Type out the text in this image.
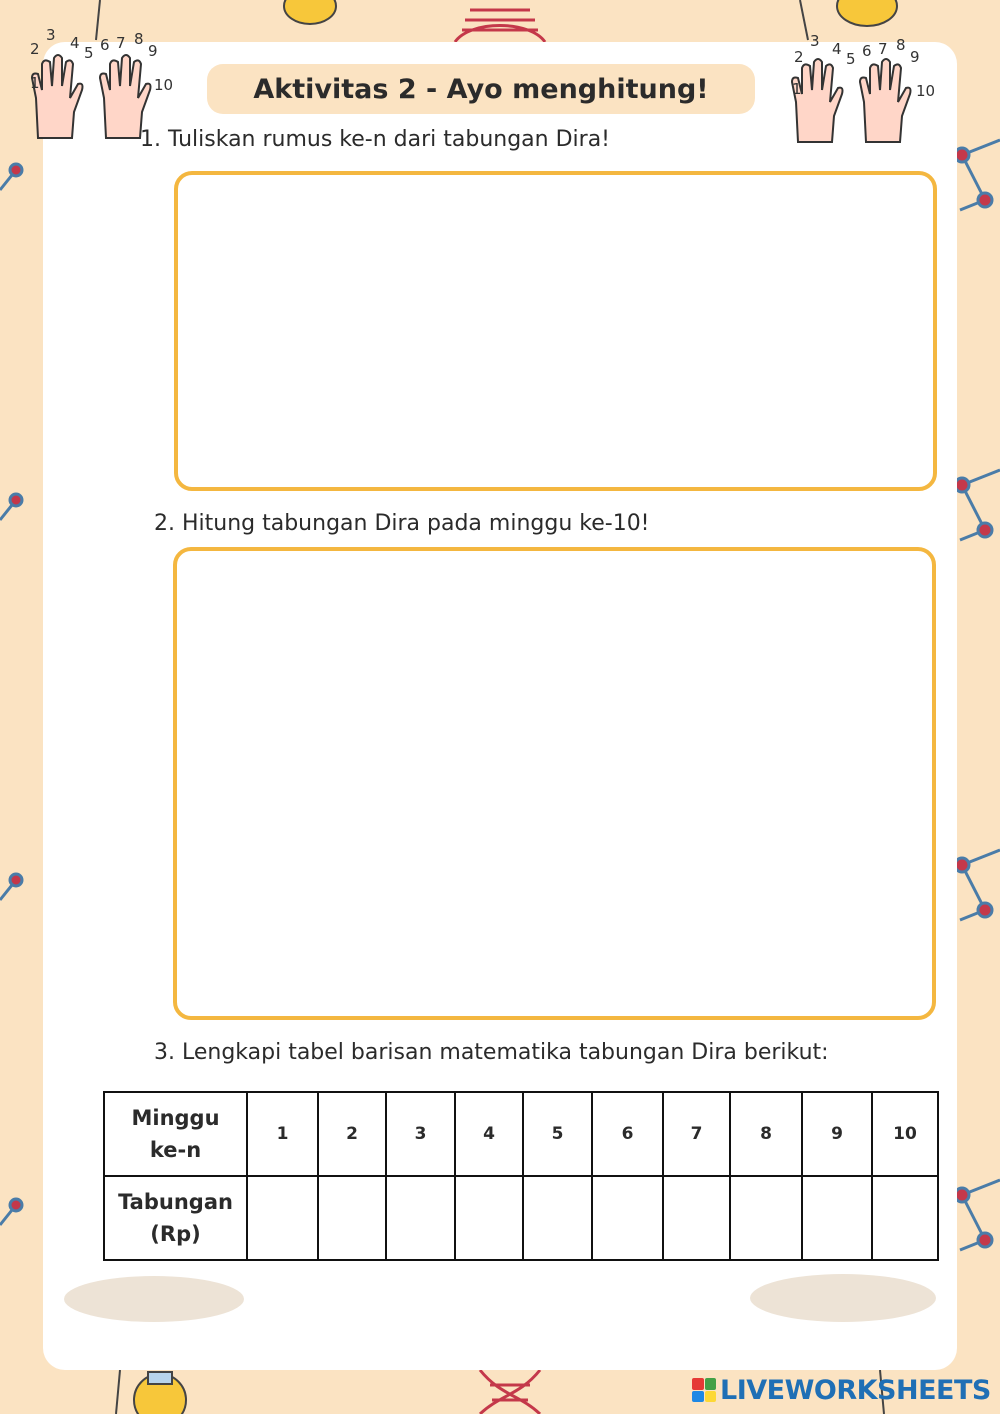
2
3 4
5 6 7 8
9
10
1
2
3 4
5 6 7 8
9
10
1
Aktivitas 2 - Ayo menghitung!
1. Tuliskan rumus ke-n dari tabungan Dira!
2. Hitung tabungan Dira pada minggu ke-10!
3. Lengkapi tabel barisan matematika tabungan Dira berikut:
Minggu
ke-n	1	2	3	4	5	6	7	8	9	10
Tabungan
(Rp)										
LIVEWORKSHEETS
